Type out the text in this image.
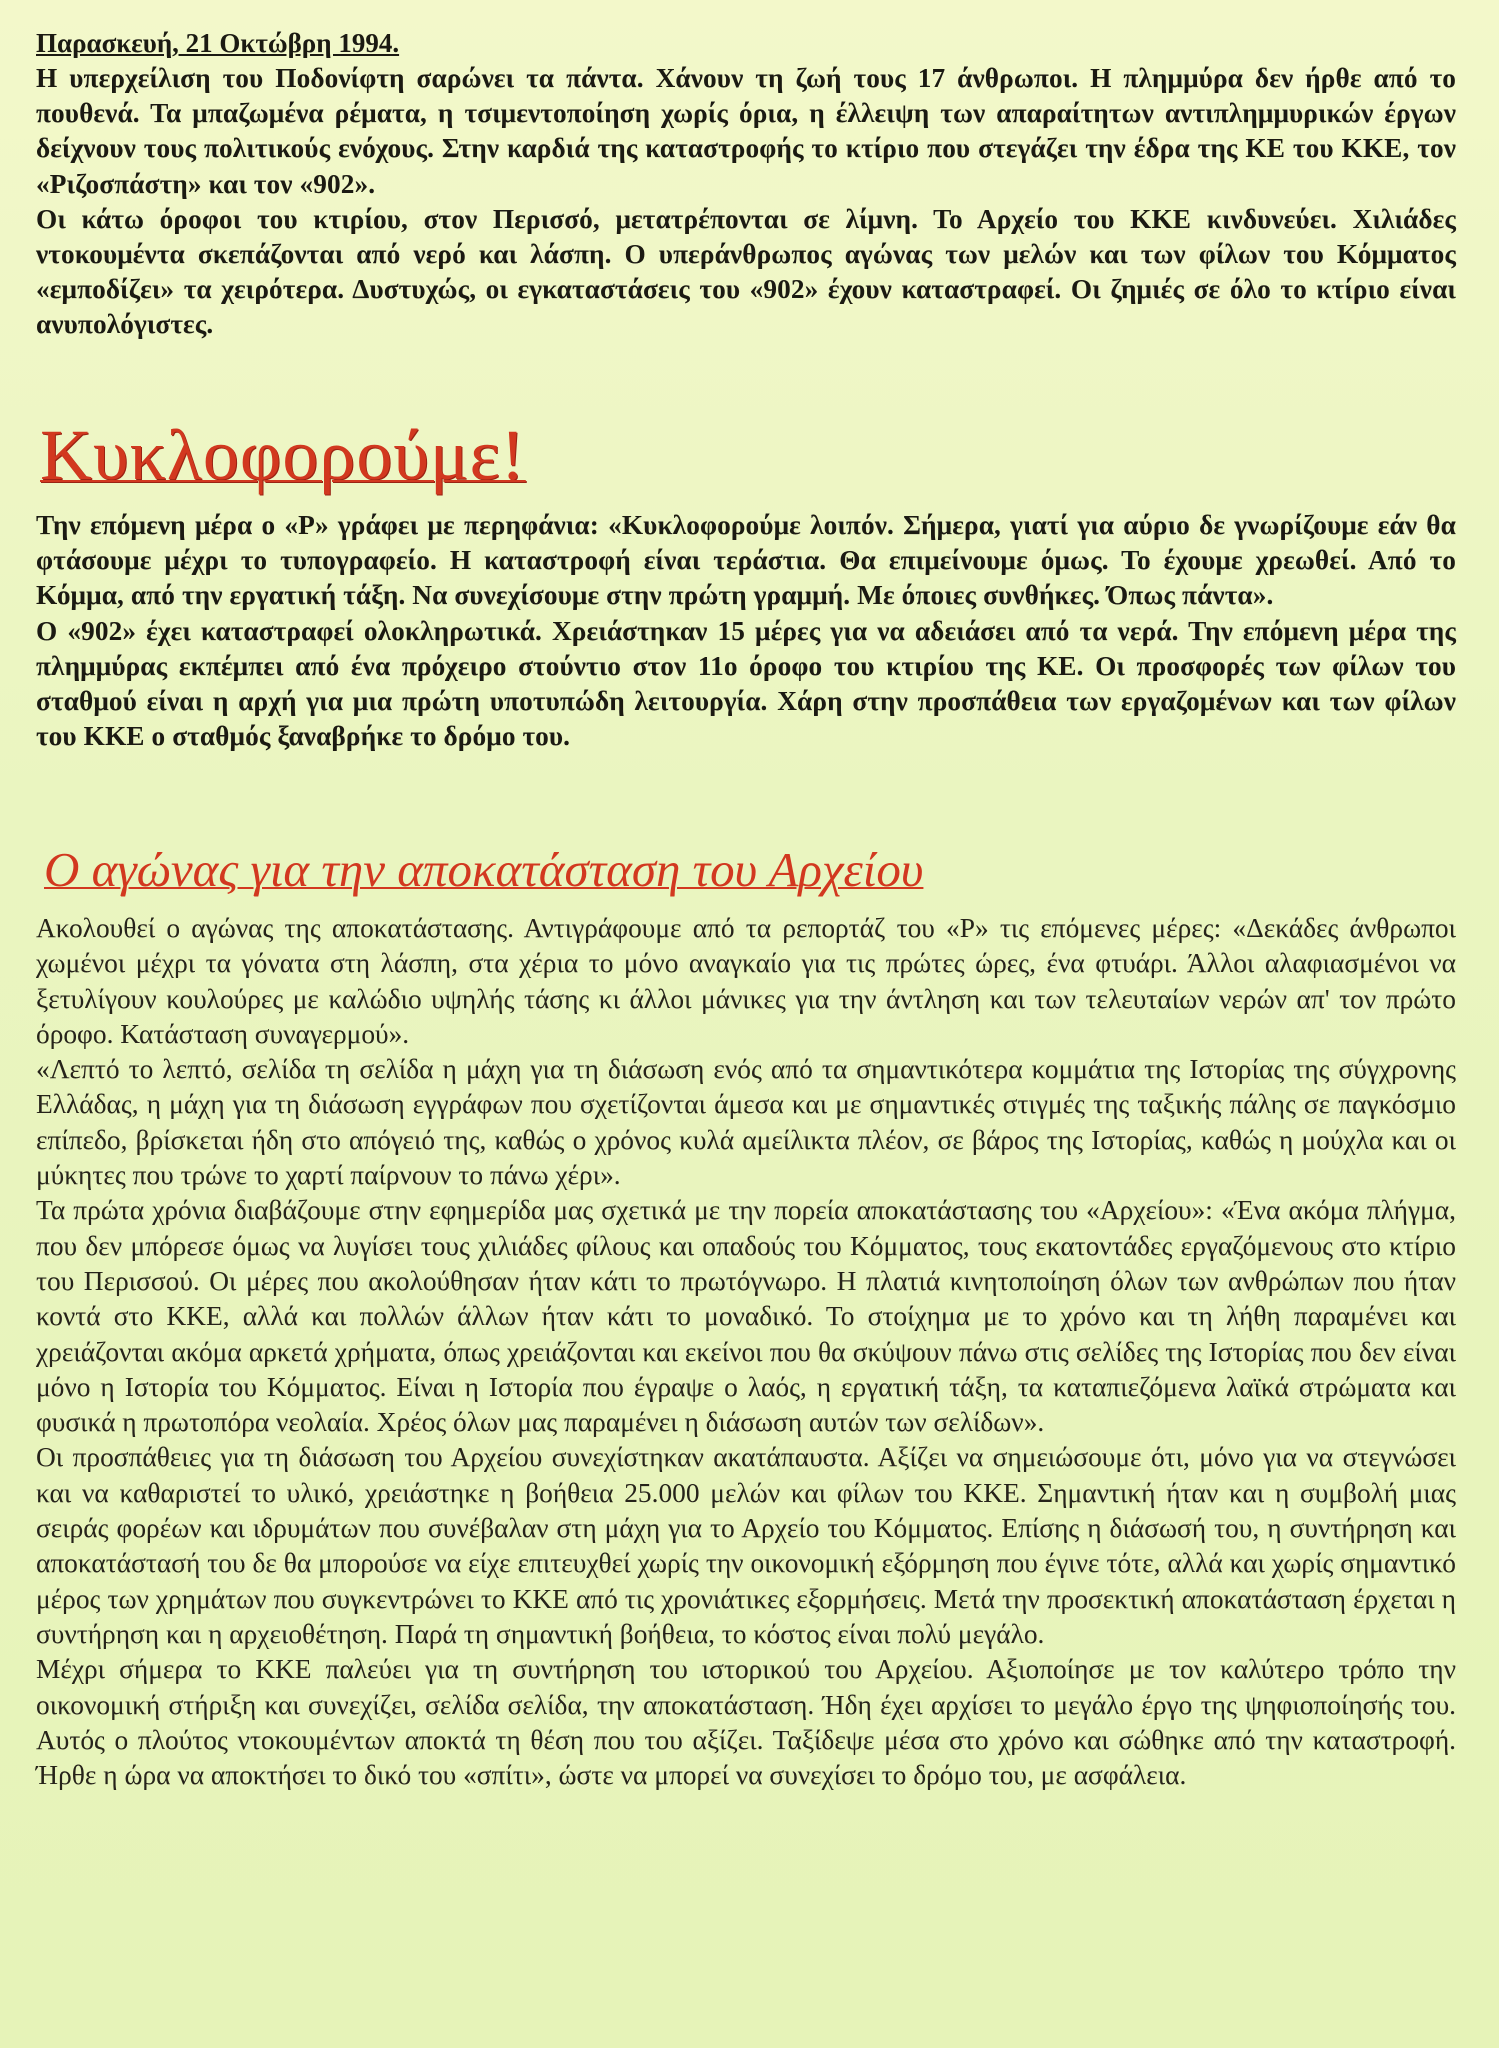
Παρασκευή, 21 Οκτώβρη 1994.

Η υπερχείλιση του Ποδονίφτη σαρώνει τα πάντα. Χάνουν τη ζωή τους 17 άνθρωποι. Η πλημμύρα δεν ήρθε από το πουθενά. Τα μπαζωμένα ρέματα, η τσιμεντοποίηση χωρίς όρια, η έλλειψη των απαραίτητων αντιπλημμυρικών έργων δείχνουν τους πολιτικούς ενόχους. Στην καρδιά της καταστροφής το κτίριο που στεγάζει την έδρα της ΚΕ του ΚΚΕ, τον «Ριζοσπάστη» και τον «902».

Οι κάτω όροφοι του κτιρίου, στον Περισσό, μετατρέπονται σε λίμνη. Το Αρχείο του ΚΚΕ κινδυνεύει. Χιλιάδες ντοκουμέντα σκεπάζονται από νερό και λάσπη. Ο υπεράνθρωπος αγώνας των μελών και των φίλων του Κόμματος «εμποδίζει» τα χειρότερα. Δυστυχώς, οι εγκαταστάσεις του «902» έχουν καταστραφεί. Οι ζημιές σε όλο το κτίριο είναι ανυπολόγιστες.

Κυκλοφορούμε!

Την επόμενη μέρα ο «Ρ» γράφει με περηφάνια: «Κυκλοφορούμε λοιπόν. Σήμερα, γιατί για αύριο δε γνωρίζουμε εάν θα φτάσουμε μέχρι το τυπογραφείο. Η καταστροφή είναι τεράστια. Θα επιμείνουμε όμως. Το έχουμε χρεωθεί. Από το Κόμμα, από την εργατική τάξη. Να συνεχίσουμε στην πρώτη γραμμή. Με όποιες συνθήκες. Όπως πάντα».

Ο «902» έχει καταστραφεί ολοκληρωτικά. Χρειάστηκαν 15 μέρες για να αδειάσει από τα νερά. Την επόμενη μέρα της πλημμύρας εκπέμπει από ένα πρόχειρο στούντιο στον 11ο όροφο του κτιρίου της ΚΕ. Οι προσφορές των φίλων του σταθμού είναι η αρχή για μια πρώτη υποτυπώδη λειτουργία. Χάρη στην προσπάθεια των εργαζομένων και των φίλων του ΚΚΕ ο σταθμός ξαναβρήκε το δρόμο του.

Ο αγώνας για την αποκατάσταση του Αρχείου

Ακολουθεί ο αγώνας της αποκατάστασης. Αντιγράφουμε από τα ρεπορτάζ του «Ρ» τις επόμενες μέρες: «Δεκάδες άνθρωποι χωμένοι μέχρι τα γόνατα στη λάσπη, στα χέρια το μόνο αναγκαίο για τις πρώτες ώρες, ένα φτυάρι. Άλλοι αλαφιασμένοι να ξετυλίγουν κουλούρες με καλώδιο υψηλής τάσης κι άλλοι μάνικες για την άντληση και των τελευταίων νερών απ' τον πρώτο όροφο. Κατάσταση συναγερμού».

«Λεπτό το λεπτό, σελίδα τη σελίδα η μάχη για τη διάσωση ενός από τα σημαντικότερα κομμάτια της Ιστορίας της σύγχρονης Ελλάδας, η μάχη για τη διάσωση εγγράφων που σχετίζονται άμεσα και με σημαντικές στιγμές της ταξικής πάλης σε παγκόσμιο επίπεδο, βρίσκεται ήδη στο απόγειό της, καθώς ο χρόνος κυλά αμείλικτα πλέον, σε βάρος της Ιστορίας, καθώς η μούχλα και οι μύκητες που τρώνε το χαρτί παίρνουν το πάνω χέρι».

Τα πρώτα χρόνια διαβάζουμε στην εφημερίδα μας σχετικά με την πορεία αποκατάστασης του «Αρχείου»: «Ένα ακόμα πλήγμα, που δεν μπόρεσε όμως να λυγίσει τους χιλιάδες φίλους και οπαδούς του Κόμματος, τους εκατοντάδες εργαζόμενους στο κτίριο του Περισσού. Οι μέρες που ακολούθησαν ήταν κάτι το πρωτόγνωρο. Η πλατιά κινητοποίηση όλων των ανθρώπων που ήταν κοντά στο ΚΚΕ, αλλά και πολλών άλλων ήταν κάτι το μοναδικό. Το στοίχημα με το χρόνο και τη λήθη παραμένει και χρειάζονται ακόμα αρκετά χρήματα, όπως χρειάζονται και εκείνοι που θα σκύψουν πάνω στις σελίδες της Ιστορίας που δεν είναι μόνο η Ιστορία του Κόμματος. Είναι η Ιστορία που έγραψε ο λαός, η εργατική τάξη, τα καταπιεζόμενα λαϊκά στρώματα και φυσικά η πρωτοπόρα νεολαία. Χρέος όλων μας παραμένει η διάσωση αυτών των σελίδων».

Οι προσπάθειες για τη διάσωση του Αρχείου συνεχίστηκαν ακατάπαυστα. Αξίζει να σημειώσουμε ότι, μόνο για να στεγνώσει και να καθαριστεί το υλικό, χρειάστηκε η βοήθεια 25.000 μελών και φίλων του ΚΚΕ. Σημαντική ήταν και η συμβολή μιας σειράς φορέων και ιδρυμάτων που συνέβαλαν στη μάχη για το Αρχείο του Κόμματος. Επίσης η διάσωσή του, η συντήρηση και αποκατάστασή του δε θα μπορούσε να είχε επιτευχθεί χωρίς την οικονομική εξόρμηση που έγινε τότε, αλλά και χωρίς σημαντικό μέρος των χρημάτων που συγκεντρώνει το ΚΚΕ από τις χρονιάτικες εξορμήσεις. Μετά την προσεκτική αποκατάσταση έρχεται η συντήρηση και η αρχειοθέτηση. Παρά τη σημαντική βοήθεια, το κόστος είναι πολύ μεγάλο.

Μέχρι σήμερα το ΚΚΕ παλεύει για τη συντήρηση του ιστορικού του Αρχείου. Αξιοποίησε με τον καλύτερο τρόπο την οικονομική στήριξη και συνεχίζει, σελίδα σελίδα, την αποκατάσταση. Ήδη έχει αρχίσει το μεγάλο έργο της ψηφιοποίησής του. Αυτός ο πλούτος ντοκουμέντων αποκτά τη θέση που του αξίζει. Ταξίδεψε μέσα στο χρόνο και σώθηκε από την καταστροφή. Ήρθε η ώρα να αποκτήσει το δικό του «σπίτι», ώστε να μπορεί να συνεχίσει το δρόμο του, με ασφάλεια.
